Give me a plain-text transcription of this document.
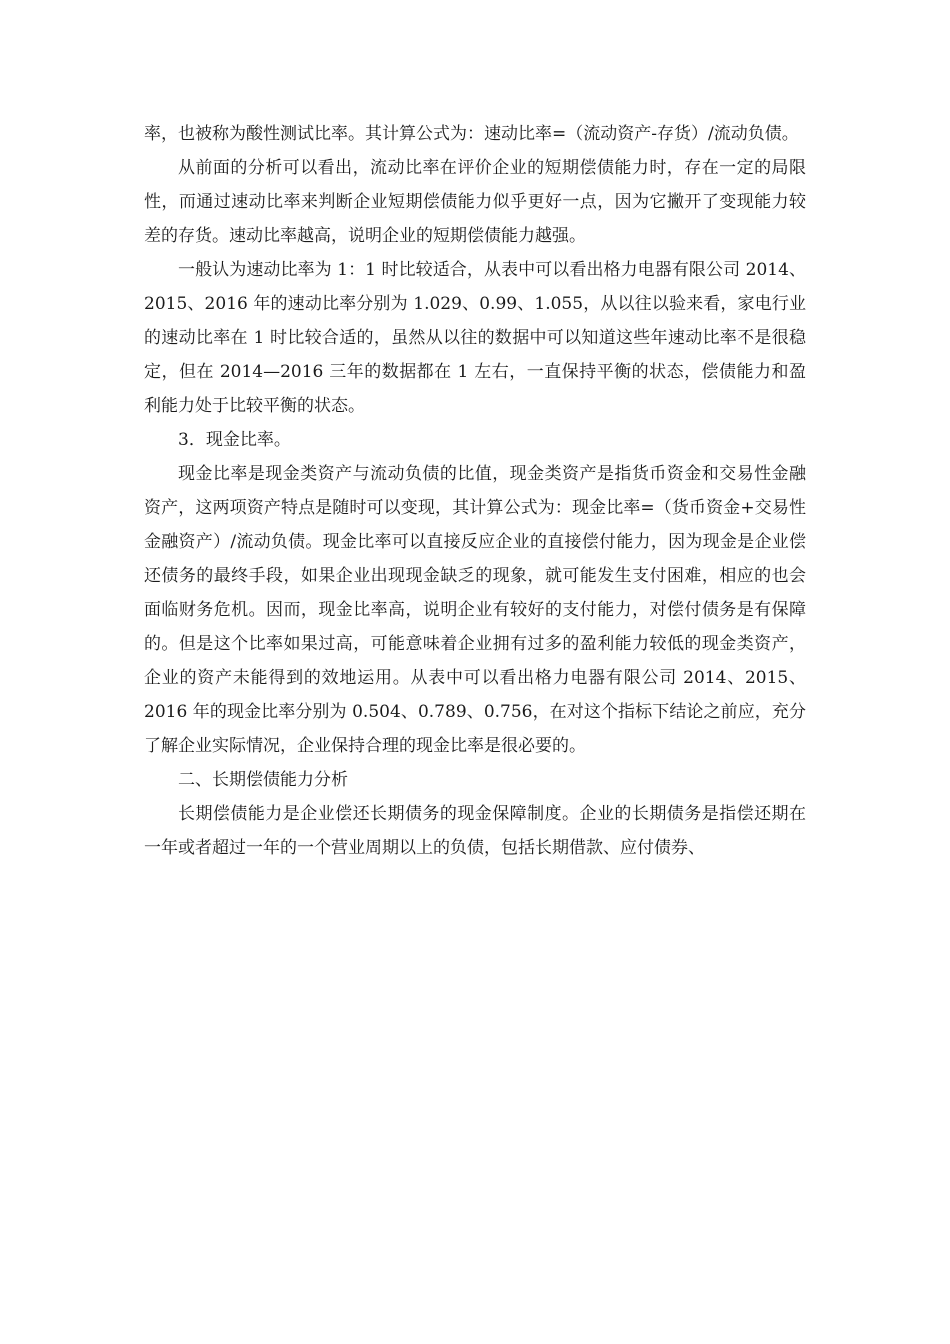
率，也被称为酸性测试比率。其计算公式为：速动比率=（流动资产-存货）/流动负债。

从前面的分析可以看出，流动比率在评价企业的短期偿债能力时，存在一定的局限性，而通过速动比率来判断企业短期偿债能力似乎更好一点，因为它撇开了变现能力较差的存货。速动比率越高，说明企业的短期偿债能力越强。

一般认为速动比率为 1：1 时比较适合，从表中可以看出格力电器有限公司 2014、2015、2016 年的速动比率分别为 1.029、0.99、1.055，从以往以验来看，家电行业的速动比率在 1 时比较合适的，虽然从以往的数据中可以知道这些年速动比率不是很稳定，但在 2014—2016 三年的数据都在 1 左右，一直保持平衡的状态，偿债能力和盈利能力处于比较平衡的状态。

3．现金比率。

现金比率是现金类资产与流动负债的比值，现金类资产是指货币资金和交易性金融资产，这两项资产特点是随时可以变现，其计算公式为：现金比率=（货币资金+交易性金融资产）/流动负债。现金比率可以直接反应企业的直接偿付能力，因为现金是企业偿还债务的最终手段，如果企业出现现金缺乏的现象，就可能发生支付困难，相应的也会面临财务危机。因而，现金比率高，说明企业有较好的支付能力，对偿付债务是有保障的。但是这个比率如果过高，可能意味着企业拥有过多的盈利能力较低的现金类资产，企业的资产未能得到的效地运用。从表中可以看出格力电器有限公司 2014、2015、2016 年的现金比率分别为 0.504、0.789、0.756，在对这个指标下结论之前应，充分了解企业实际情况，企业保持合理的现金比率是很必要的。

二、长期偿债能力分析

长期偿债能力是企业偿还长期债务的现金保障制度。企业的长期债务是指偿还期在一年或者超过一年的一个营业周期以上的负债，包括长期借款、应付债券、
